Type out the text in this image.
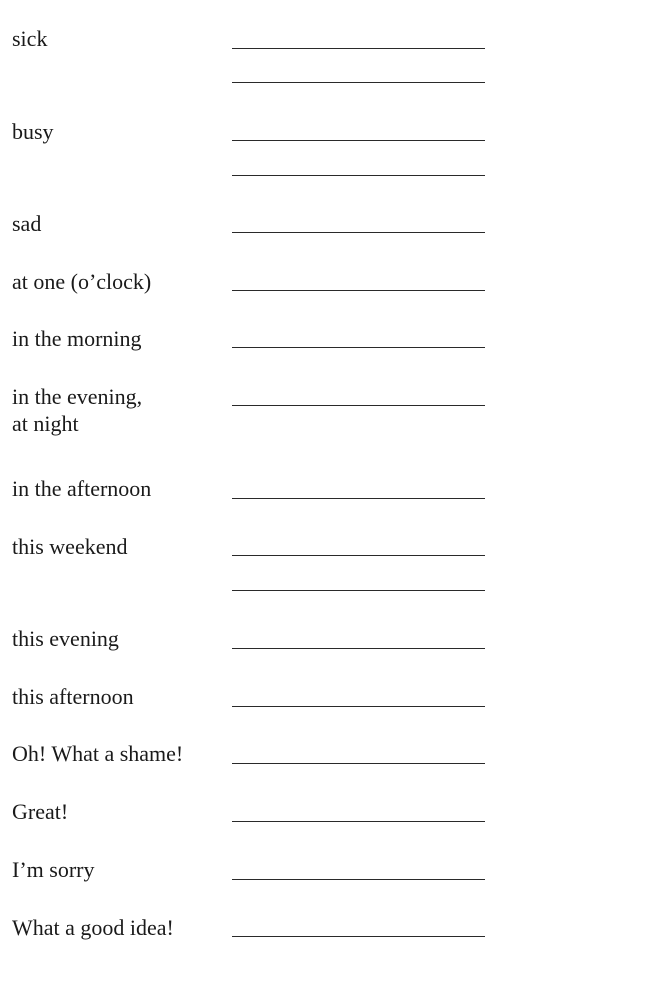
sick
busy
sad
at one (o’clock)
in the morning
in the evening,
at night
in the afternoon
this weekend
this evening
this afternoon
Oh! What a shame!
Great!
I’m sorry
What a good idea!
